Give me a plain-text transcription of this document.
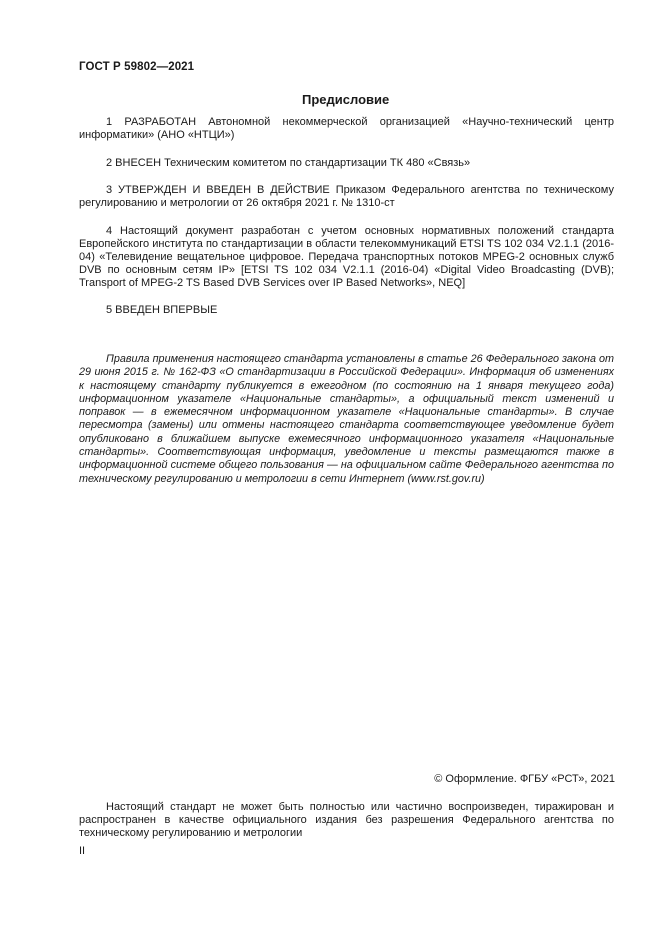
ГОСТ Р 59802—2021
Предисловие
1 РАЗРАБОТАН Автономной некоммерческой организацией «Научно-технический центр информатики» (АНО «НТЦИ»)
2 ВНЕСЕН Техническим комитетом по стандартизации ТК 480 «Связь»
3 УТВЕРЖДЕН И ВВЕДЕН В ДЕЙСТВИЕ Приказом Федерального агентства по техническому регулированию и метрологии от 26 октября 2021 г. № 1310-ст
4 Настоящий документ разработан с учетом основных нормативных положений стандарта Европейского института по стандартизации в области телекоммуникаций ETSI TS 102 034 V2.1.1 (2016-04) «Телевидение вещательное цифровое. Передача транспортных потоков MPEG-2 основных служб DVB по основным сетям IP» [ETSI TS 102 034 V2.1.1 (2016-04) «Digital Video Broadcasting (DVB); Transport of MPEG-2 TS Based DVB Services over IP Based Networks», NEQ]
5 ВВЕДЕН ВПЕРВЫЕ
Правила применения настоящего стандарта установлены в статье 26 Федерального закона от 29 июня 2015 г. № 162-ФЗ «О стандартизации в Российской Федерации». Информация об изменениях к настоящему стандарту публикуется в ежегодном (по состоянию на 1 января текущего года) информационном указателе «Национальные стандарты», а официальный текст изменений и поправок — в ежемесячном информационном указателе «Национальные стандарты». В случае пересмотра (замены) или отмены настоящего стандарта соответствующее уведомление будет опубликовано в ближайшем выпуске ежемесячного информационного указателя «Национальные стандарты». Соответствующая информация, уведомление и тексты размещаются также в информационной системе общего пользования — на официальном сайте Федерального агентства по техническому регулированию и метрологии в сети Интернет (www.rst.gov.ru)
© Оформление. ФГБУ «РСТ», 2021
Настоящий стандарт не может быть полностью или частично воспроизведен, тиражирован и распространен в качестве официального издания без разрешения Федерального агентства по техническому регулированию и метрологии
II
